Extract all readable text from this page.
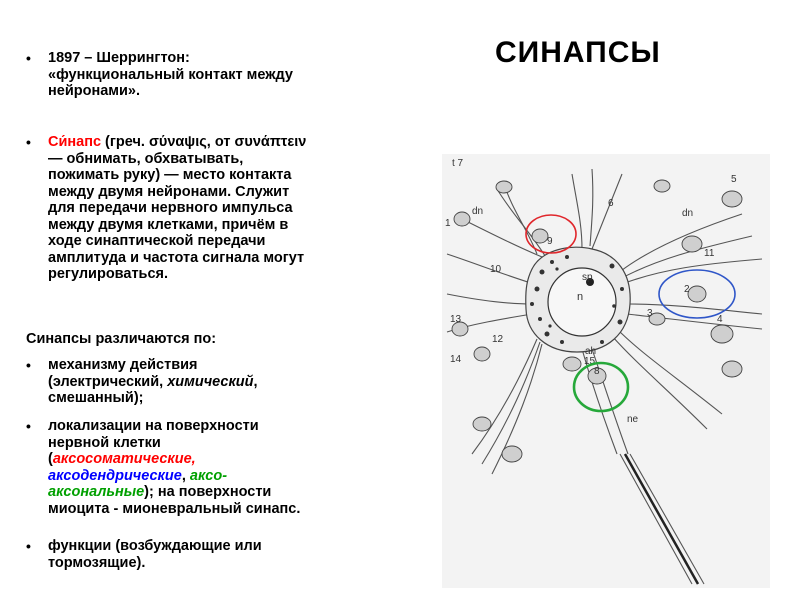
СИНАПСЫ
•	1897 – Шеррингтон:
«функциональный контакт между
нейронами».
•	Си́напс (греч. σύναψις, от συνάπτειν
— обнимать, обхватывать,
пожимать руку) — место контакта
между двумя нейронами. Служит
для передачи нервного импульса
между двумя клетками, причём в
ходе синаптической передачи
амплитуда и частота сигнала могут
регулироваться.
Синапсы различаются по:
•	механизму действия
(электрический, химический,
смешанный);
•	локализации на поверхности
нервной клетки
(аксосоматические,
аксодендрические, аксо-
аксональные); на поверхности
миоцита - мионевральный синапс.
•	функции (возбуждающие или
тормозящие).
t 7
dn	dn
1
5
6
9
10
11
2
3
4
12
13
14	15
8
n
sp
ah
ne
